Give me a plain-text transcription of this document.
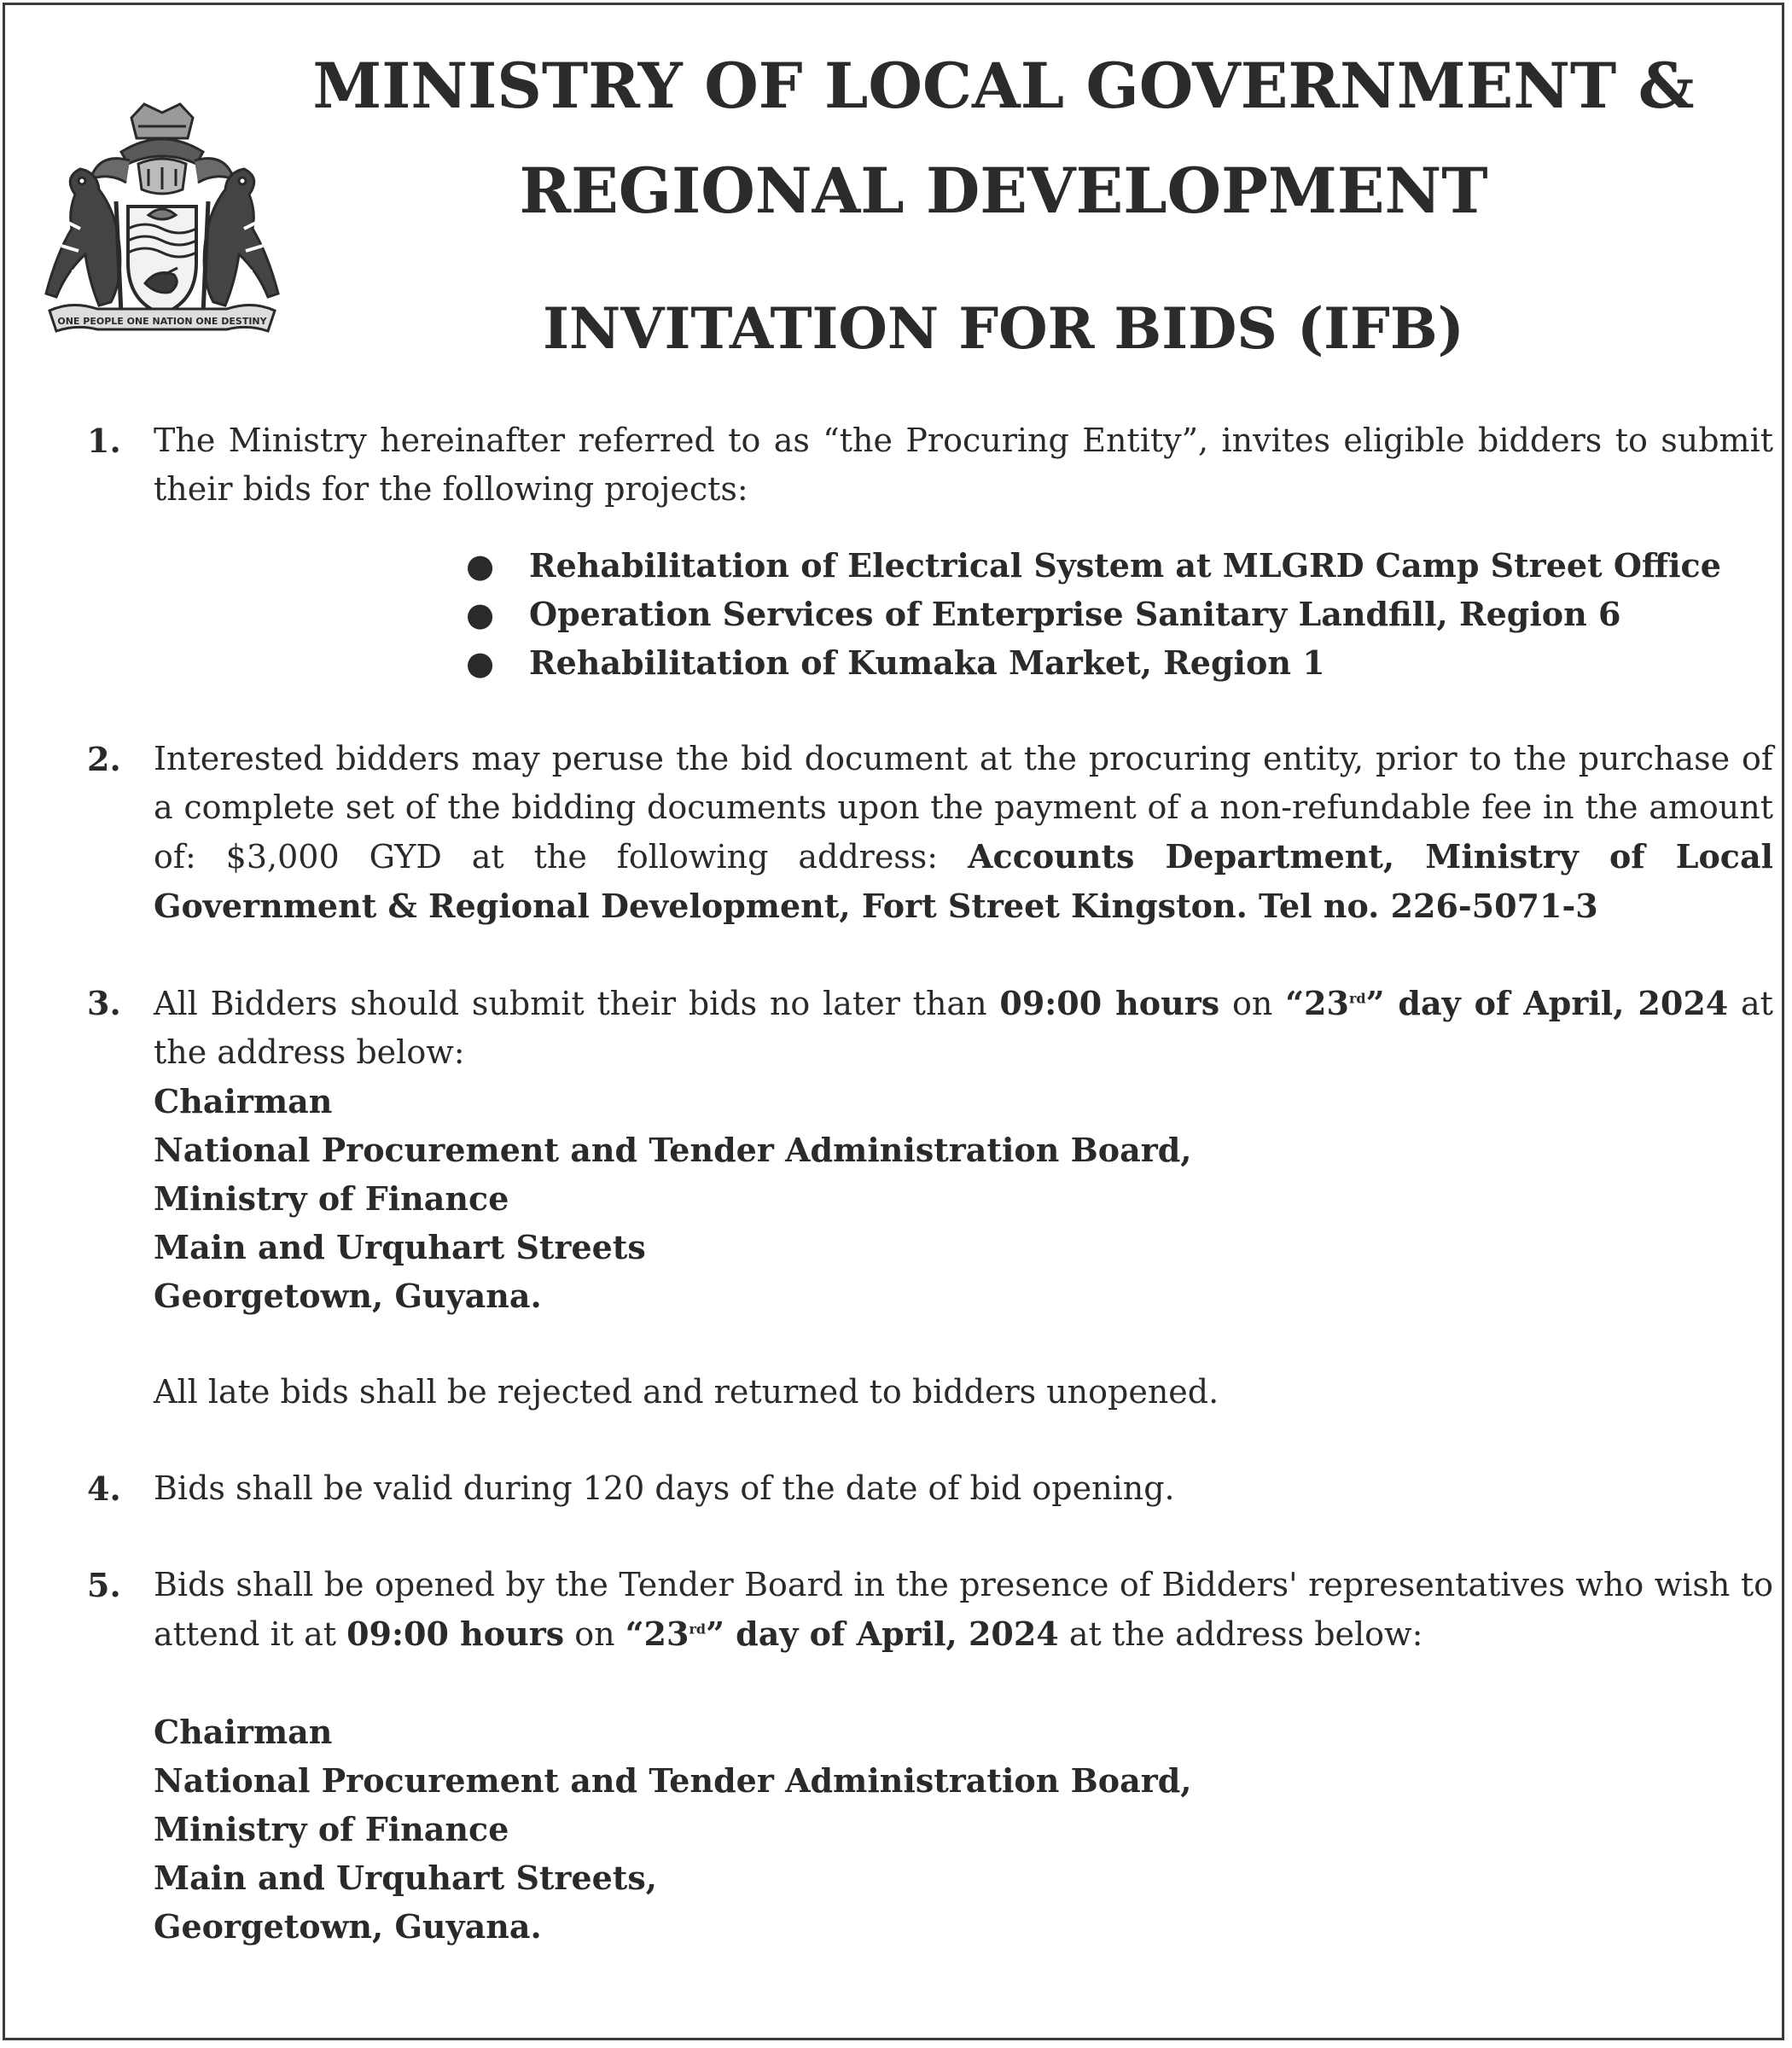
ONE PEOPLE ONE NATION ONE DESTINY
MINISTRY OF LOCAL GOVERNMENT &
REGIONAL DEVELOPMENT
INVITATION FOR BIDS (IFB)
1.	The Ministry hereinafter referred to as “the Procuring Entity”, invites eligible bidders to submit their bids for the following projects:
● Rehabilitation of Electrical System at MLGRD Camp Street Office
● Operation Services of Enterprise Sanitary Landfill, Region 6
● Rehabilitation of Kumaka Market, Region 1
2.	Interested bidders may peruse the bid document at the procuring entity, prior to the purchase of a complete set of the bidding documents upon the payment of a non-refundable fee in the amount of: $3,000 GYD at the following address: Accounts Department, Ministry of Local Government & Regional Development, Fort Street Kingston. Tel no. 226-5071-3
3.	All Bidders should submit their bids no later than 09:00 hours on “23rd” day of April, 2024 at the address below:
Chairman
National Procurement and Tender Administration Board,
Ministry of Finance
Main and Urquhart Streets
Georgetown, Guyana.
All late bids shall be rejected and returned to bidders unopened.
4.	Bids shall be valid during 120 days of the date of bid opening.
5.	Bids shall be opened by the Tender Board in the presence of Bidders' representatives who wish to attend it at 09:00 hours on “23rd” day of April, 2024 at the address below:
Chairman
National Procurement and Tender Administration Board,
Ministry of Finance
Main and Urquhart Streets,
Georgetown, Guyana.
